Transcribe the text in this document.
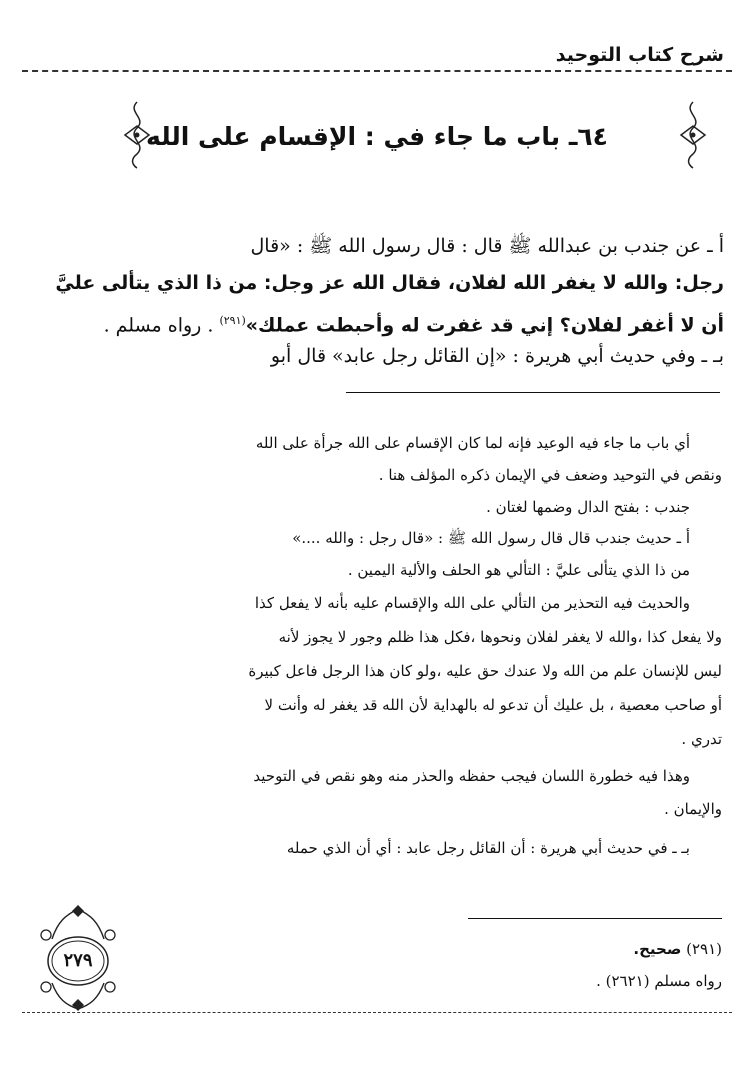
شرح كتاب التوحيد
٦٤ـ باب ما جاء في : الإقسام على الله
أ ـ عن جندب بن عبدالله ﷺ قال : قال رسول الله ﷺ : «قال
رجل: والله لا يغفر الله لفلان، فقال الله عز وجل: من ذا الذي يتألى عليَّ
أن لا أغفر لفلان؟ إني قد غفرت له وأحبطت عملك»$^{(٢٩١)}$ . رواه مسلم .
بـ ـ وفي حديث أبي هريرة : «إن القائل رجل عابد» قال أبو
أي باب ما جاء فيه الوعيد فإنه لما كان الإقسام على الله جرأة على الله
ونقص في التوحيد وضعف في الإيمان ذكره المؤلف هنا .
جندب : بفتح الدال وضمها لغتان .
أ ـ حديث جندب قال قال رسول الله ﷺ : «قال رجل : والله ....»
من ذا الذي يتألى عليَّ : التألي هو الحلف والألية اليمين .
والحديث فيه التحذير من التألي على الله والإقسام عليه بأنه لا يفعل كذا
ولا يفعل كذا ،والله لا يغفر لفلان ونحوها ،فكل هذا ظلم وجور لا يجوز لأنه
ليس للإنسان علم من الله ولا عندك حق عليه ،ولو كان هذا الرجل فاعل كبيرة
أو صاحب معصية ، بل عليك أن تدعو له بالهداية لأن الله قد يغفر له وأنت لا
تدري .
وهذا فيه خطورة اللسان فيجب حفظه والحذر منه وهو نقص في التوحيد
والإيمان .
بـ ـ في حديث أبي هريرة : أن القائل رجل عابد : أي أن الذي حمله
(٢٩١) صحيح.
رواه مسلم (٢٦٢١) .
٢٧٩
